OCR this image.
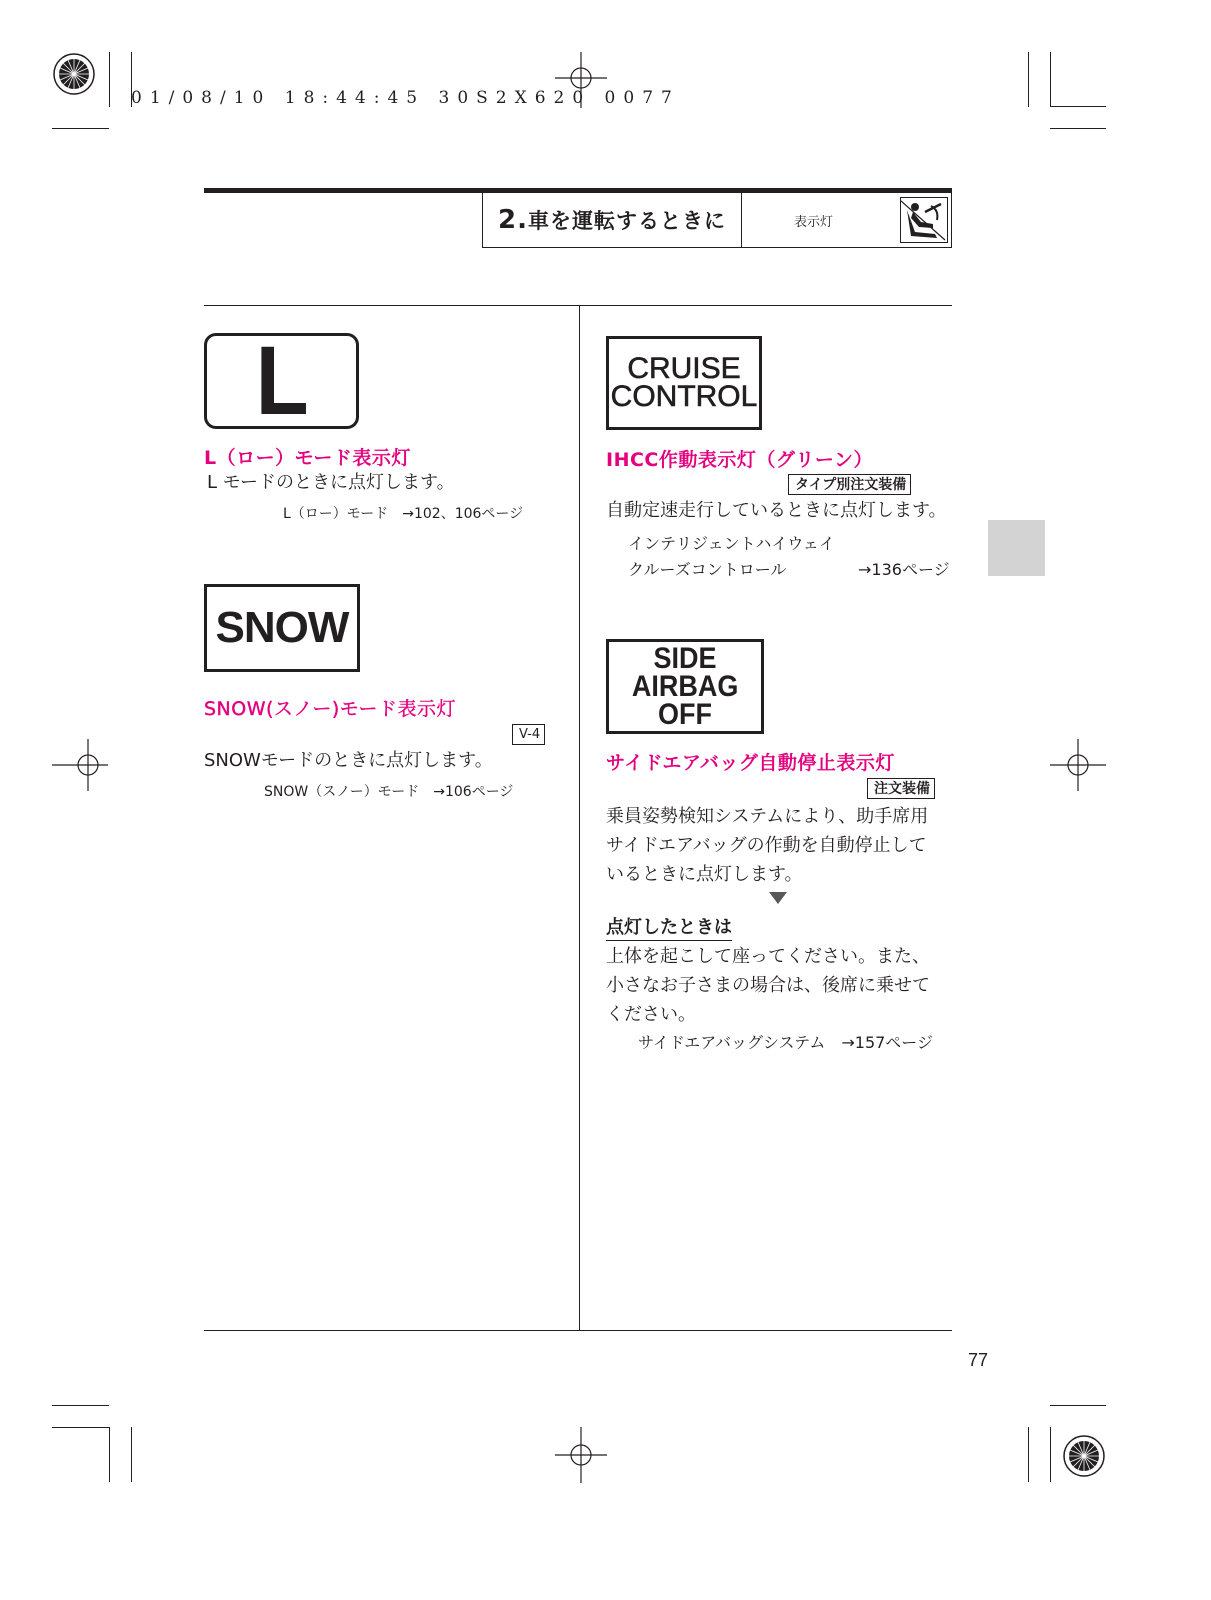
01/08/10 18:44:45 30S2X620 0077
2. 車を運転するときに	表示灯
L
L（ロー）モード表示灯
L モードのときに点灯します。
L（ロー）モード　→102、106ページ
SNOW
SNOW(スノー)モード表示灯
V-4
SNOWモードのときに点灯します。
SNOW（スノー）モード　→106ページ
CRUISE
CONTROL
IHCC作動表示灯（グリーン）
タイプ別注文装備
自動定速走行しているときに点灯します。
インテリジェントハイウェイ
クルーズコントロール	→136ページ
SIDE
AIRBAG
OFF
サイドエアバッグ自動停止表示灯
注文装備
乗員姿勢検知システムにより、助手席用
サイドエアバッグの作動を自動停止して
いるときに点灯します。
点灯したときは
上体を起こして座ってください。また、
小さなお子さまの場合は、後席に乗せて
ください。
サイドエアバッグシステム　→157ページ
77
